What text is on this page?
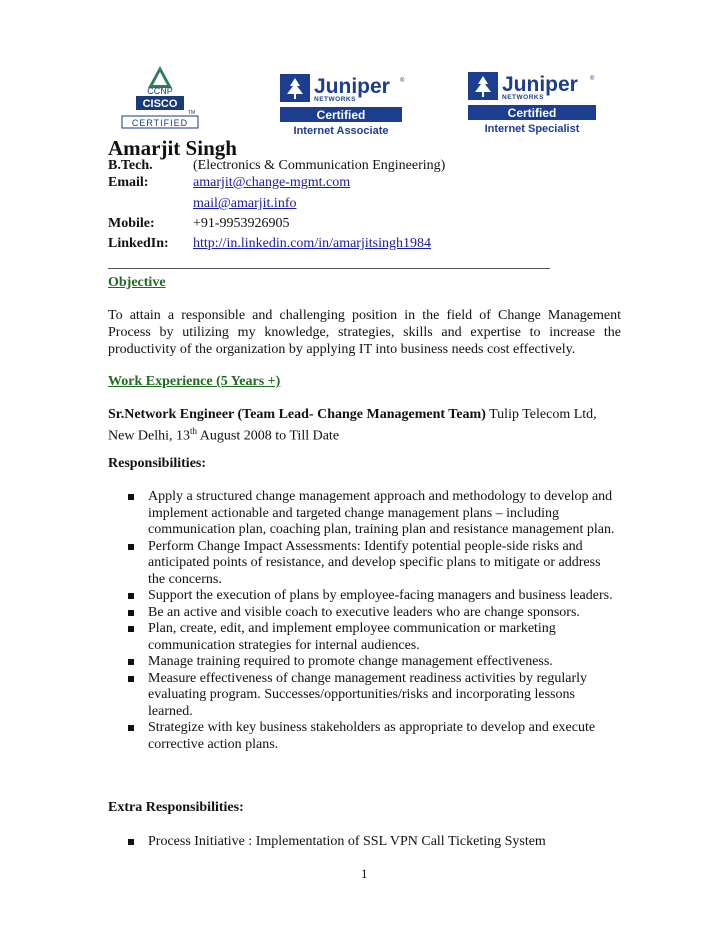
CCNP
CISCO
TM
CERTIFIED
Juniper ®
NETWORKS
Certified
Internet Associate
Juniper ®
NETWORKS
Certified
Internet Specialist
Amarjit Singh
B.Tech.	(Electronics & Communication Engineering)
Email:	amarjit@change-mgmt.com
mail@amarjit.info
Mobile:	+91-9953926905
LinkedIn: http://in.linkedin.com/in/amarjitsingh1984
Objective
To attain a responsible and challenging position in the field of Change Management Process by utilizing my knowledge, strategies, skills and expertise to increase the productivity of the organization by applying IT into business needs cost effectively.
Work Experience (5 Years +)
Sr.Network Engineer (Team Lead- Change Management Team) Tulip Telecom Ltd,
New Delhi, 13th August 2008 to Till Date
Responsibilities:
Apply a structured change management approach and methodology to develop and implement actionable and targeted change management plans – including communication plan, coaching plan, training plan and resistance management plan.
Perform Change Impact Assessments: Identify potential people-side risks and anticipated points of resistance, and develop specific plans to mitigate or address the concerns.
Support the execution of plans by employee-facing managers and business leaders.
Be an active and visible coach to executive leaders who are change sponsors.
Plan, create, edit, and implement employee communication or marketing communication strategies for internal audiences.
Manage training required to promote change management effectiveness.
Measure effectiveness of change management readiness activities by regularly evaluating program. Successes/opportunities/risks and incorporating lessons learned.
Strategize with key business stakeholders as appropriate to develop and execute corrective action plans.
Extra Responsibilities:
Process Initiative : Implementation of SSL VPN Call Ticketing System
1
